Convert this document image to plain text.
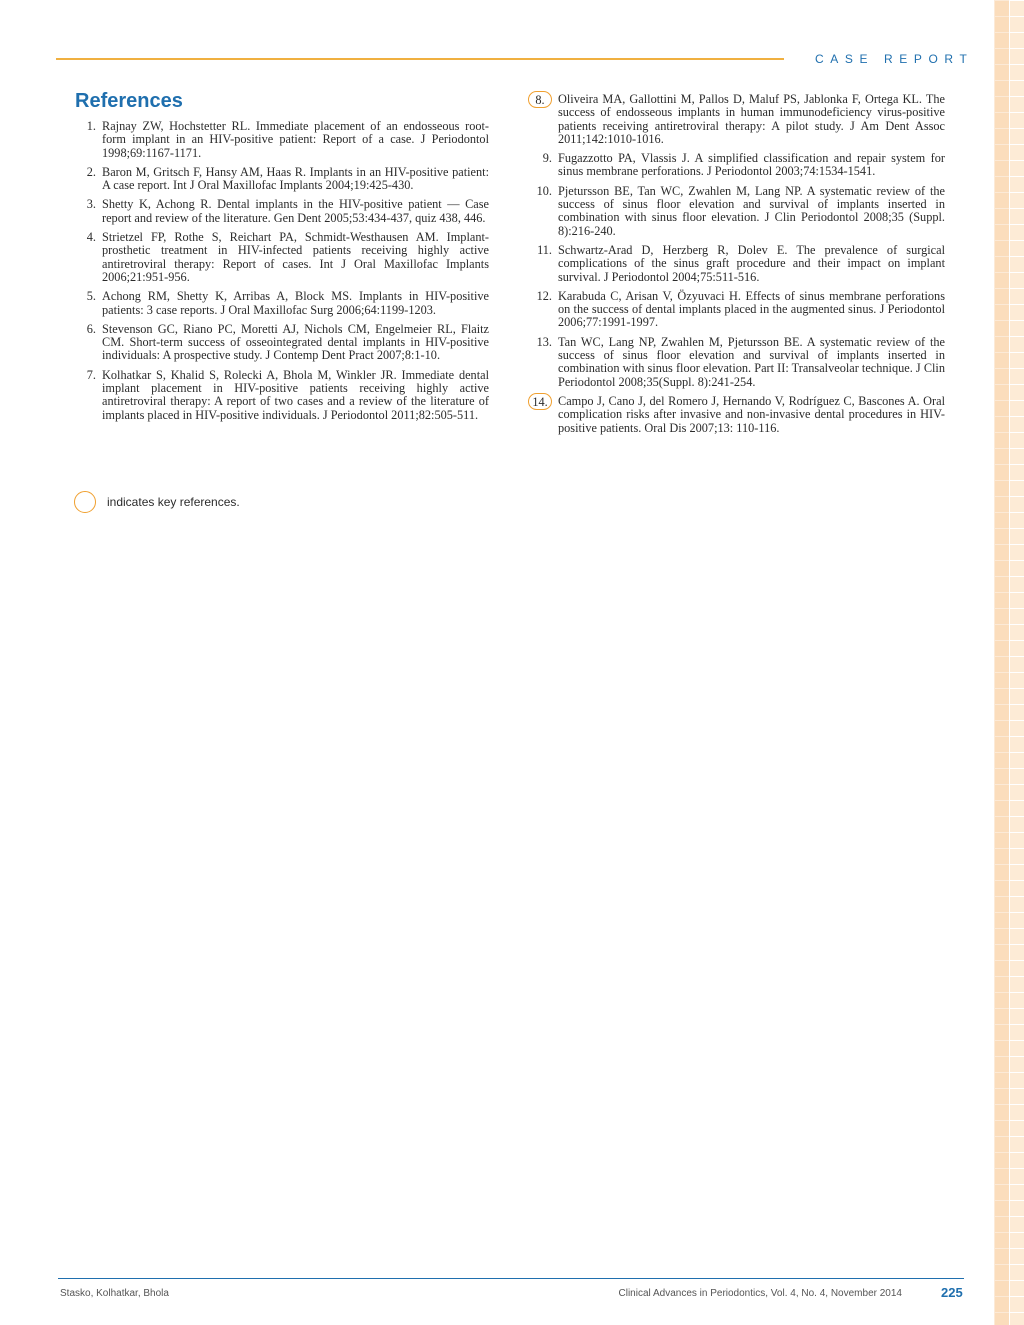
CASE REPORT
References
1. Rajnay ZW, Hochstetter RL. Immediate placement of an endosseous root-form implant in an HIV-positive patient: Report of a case. J Periodontol 1998;69:1167-1171.
2. Baron M, Gritsch F, Hansy AM, Haas R. Implants in an HIV-positive patient: A case report. Int J Oral Maxillofac Implants 2004;19:425-430.
3. Shetty K, Achong R. Dental implants in the HIV-positive patient — Case report and review of the literature. Gen Dent 2005;53:434-437, quiz 438, 446.
4. Strietzel FP, Rothe S, Reichart PA, Schmidt-Westhausen AM. Implant-prosthetic treatment in HIV-infected patients receiving highly active antiretroviral therapy: Report of cases. Int J Oral Maxillofac Implants 2006;21:951-956.
5. Achong RM, Shetty K, Arribas A, Block MS. Implants in HIV-positive patients: 3 case reports. J Oral Maxillofac Surg 2006;64:1199-1203.
6. Stevenson GC, Riano PC, Moretti AJ, Nichols CM, Engelmeier RL, Flaitz CM. Short-term success of osseointegrated dental implants in HIV-positive individuals: A prospective study. J Contemp Dent Pract 2007;8:1-10.
7. Kolhatkar S, Khalid S, Rolecki A, Bhola M, Winkler JR. Immediate dental implant placement in HIV-positive patients receiving highly active antiretroviral therapy: A report of two cases and a review of the literature of implants placed in HIV-positive individuals. J Periodontol 2011;82:505-511.
8.	Oliveira MA, Gallottini M, Pallos D, Maluf PS, Jablonka F, Ortega KL. The success of endosseous implants in human immunodeficiency virus-positive patients receiving antiretroviral therapy: A pilot study. J Am Dent Assoc 2011;142:1010-1016.
9. Fugazzotto PA, Vlassis J. A simplified classification and repair system for sinus membrane perforations. J Periodontol 2003;74:1534-1541.
10. Pjetursson BE, Tan WC, Zwahlen M, Lang NP. A systematic review of the success of sinus floor elevation and survival of implants inserted in combination with sinus floor elevation. J Clin Periodontol 2008;35 (Suppl. 8):216-240.
11. Schwartz-Arad D, Herzberg R, Dolev E. The prevalence of surgical complications of the sinus graft procedure and their impact on implant survival. J Periodontol 2004;75:511-516.
12. Karabuda C, Arisan V, Özyuvaci H. Effects of sinus membrane perforations on the success of dental implants placed in the augmented sinus. J Periodontol 2006;77:1991-1997.
13. Tan WC, Lang NP, Zwahlen M, Pjetursson BE. A systematic review of the success of sinus floor elevation and survival of implants inserted in combination with sinus floor elevation. Part II: Transalveolar technique. J Clin Periodontol 2008;35(Suppl. 8):241-254.
14. Campo J, Cano J, del Romero J, Hernando V, Rodríguez C, Bascones A. Oral complication risks after invasive and non-invasive dental procedures in HIV-positive patients. Oral Dis 2007;13: 110-116.
indicates key references.
Stasko, Kolhatkar, Bhola	Clinical Advances in Periodontics, Vol. 4, No. 4, November 2014	225
